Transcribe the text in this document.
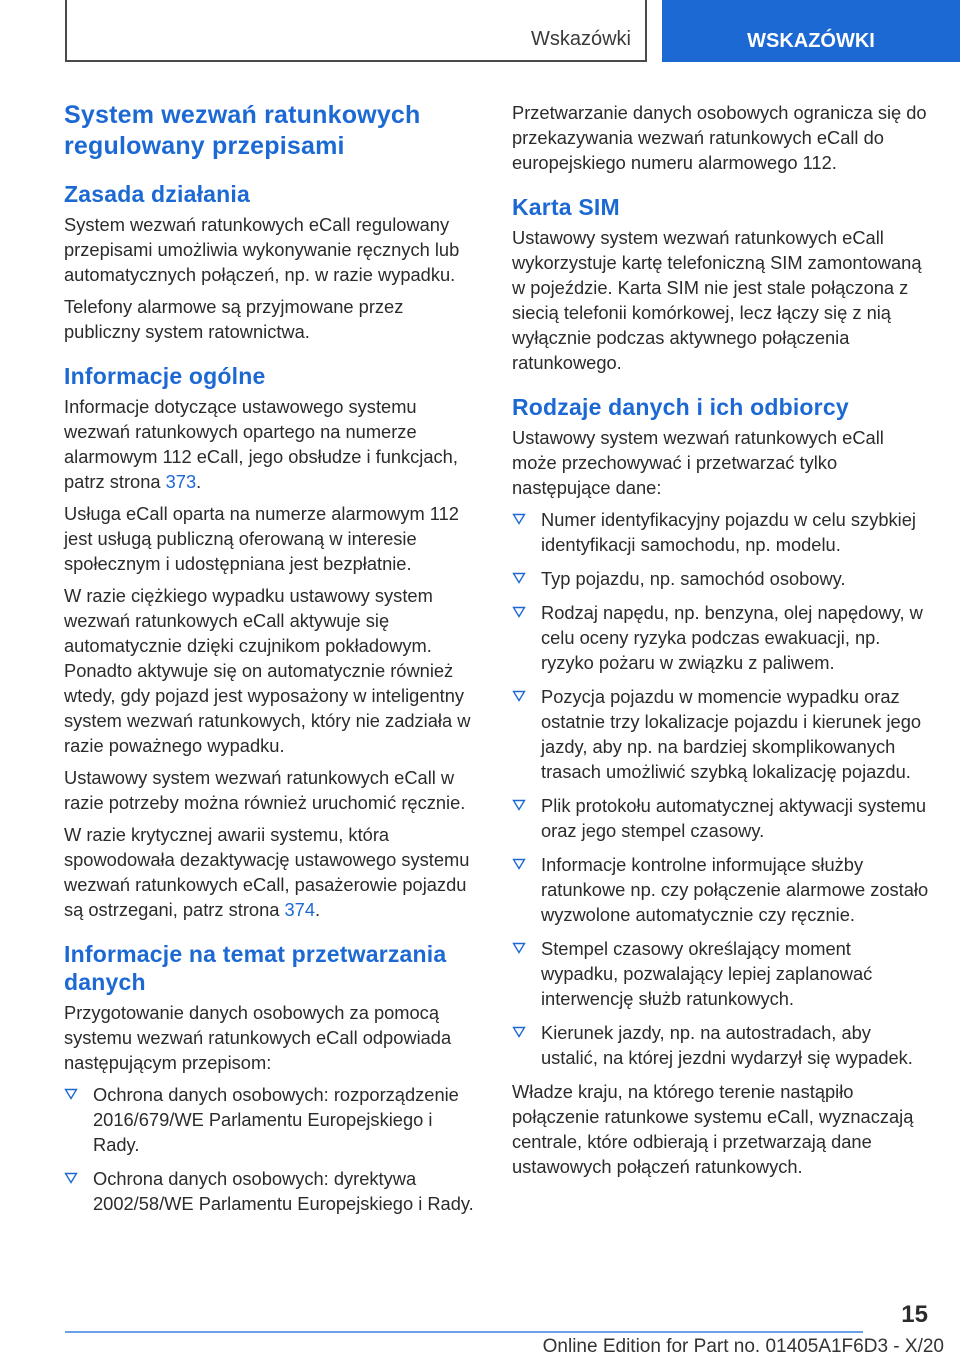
Wskazówki	WSKAZÓWKI
System wezwań ratunkowych regulowany przepisami
Zasada działania

System wezwań ratunkowych eCall regulowany przepisami umożliwia wykonywanie ręcznych lub automatycznych połączeń, np. w razie wypadku.

Telefony alarmowe są przyjmowane przez publiczny system ratownictwa.

Informacje ogólne

Informacje dotyczące ustawowego systemu wezwań ratunkowych opartego na numerze alarmowym 112 eCall, jego obsłudze i funkcjach, patrz strona 373.

Usługa eCall oparta na numerze alarmowym 112 jest usługą publiczną oferowaną w interesie społecznym i udostępniana jest bezpłatnie.

W razie ciężkiego wypadku ustawowy system wezwań ratunkowych eCall aktywuje się automatycznie dzięki czujnikom pokładowym. Ponadto aktywuje się on automatycznie również wtedy, gdy pojazd jest wyposażony w inteligentny system wezwań ratunkowych, który nie zadziała w razie poważnego wypadku.

Ustawowy system wezwań ratunkowych eCall w razie potrzeby można również uruchomić ręcznie.

W razie krytycznej awarii systemu, która spowodowała dezaktywację ustawowego systemu wezwań ratunkowych eCall, pasażerowie pojazdu są ostrzegani, patrz strona 374.

Informacje na temat przetwarzania danych

Przygotowanie danych osobowych za pomocą systemu wezwań ratunkowych eCall odpowiada następującym przepisom:

Ochrona danych osobowych: rozporządzenie 2016/679/WE Parlamentu Europejskiego i Rady.
Ochrona danych osobowych: dyrektywa 2002/58/WE Parlamentu Europejskiego i Rady.

Przetwarzanie danych osobowych ogranicza się do przekazywania wezwań ratunkowych eCall do europejskiego numeru alarmowego 112.

Karta SIM

Ustawowy system wezwań ratunkowych eCall wykorzystuje kartę telefoniczną SIM zamontowaną w pojeździe. Karta SIM nie jest stale połączona z siecią telefonii komórkowej, lecz łączy się z nią wyłącznie podczas aktywnego połączenia ratunkowego.

Rodzaje danych i ich odbiorcy

Ustawowy system wezwań ratunkowych eCall może przechowywać i przetwarzać tylko następujące dane:

Numer identyfikacyjny pojazdu w celu szybkiej identyfikacji samochodu, np. modelu.
Typ pojazdu, np. samochód osobowy.
Rodzaj napędu, np. benzyna, olej napędowy, w celu oceny ryzyka podczas ewakuacji, np. ryzyko pożaru w związku z paliwem.
Pozycja pojazdu w momencie wypadku oraz ostatnie trzy lokalizacje pojazdu i kierunek jego jazdy, aby np. na bardziej skomplikowanych trasach umożliwić szybką lokalizację pojazdu.
Plik protokołu automatycznej aktywacji systemu oraz jego stempel czasowy.
Informacje kontrolne informujące służby ratunkowe np. czy połączenie alarmowe zostało wyzwolone automatycznie czy ręcznie.
Stempel czasowy określający moment wypadku, pozwalający lepiej zaplanować interwencję służb ratunkowych.
Kierunek jazdy, np. na autostradach, aby ustalić, na której jezdni wydarzył się wypadek.

Władze kraju, na którego terenie nastąpiło połączenie ratunkowe systemu eCall, wyznaczają centrale, które odbierają i przetwarzają dane ustawowych połączeń ratunkowych.

15
Online Edition for Part no. 01405A1F6D3 - X/20
